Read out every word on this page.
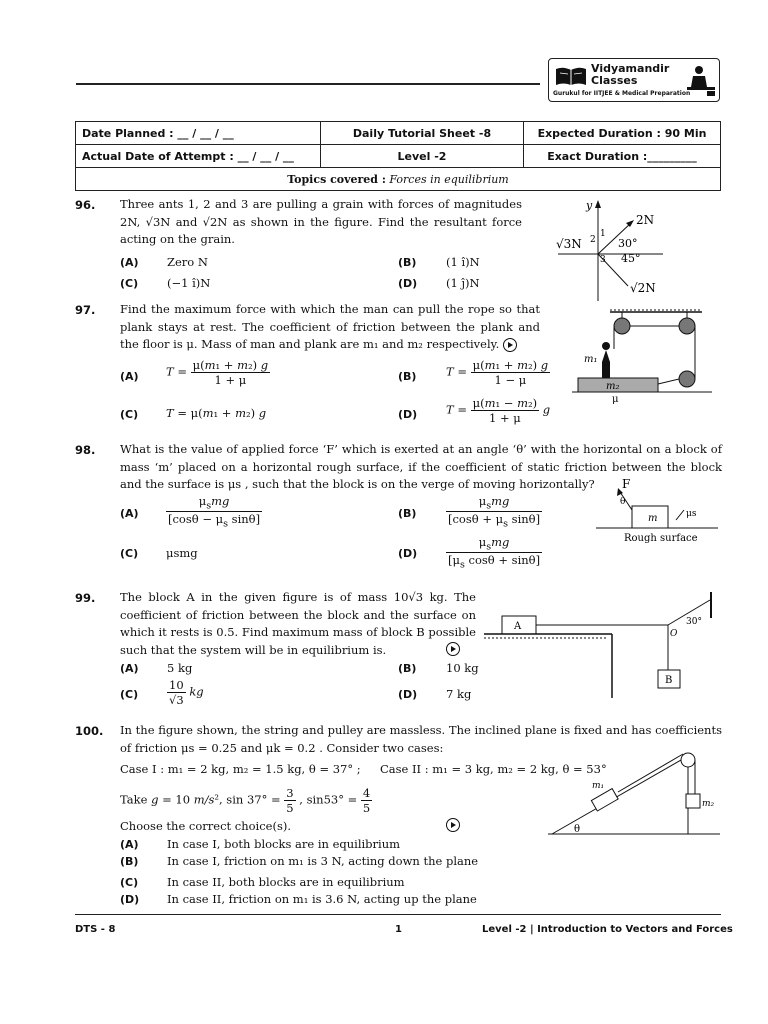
Vidyamandir
Classes
Gurukul for IITJEE & Medical Preparation
Date Planned : __ / __ / __	Daily Tutorial Sheet -8	Expected Duration : 90 Min
Actual Date of Attempt : __ / __ / __	Level -2	Exact Duration :_________
Topics covered : Forces in equilibrium		
96. Three ants 1, 2 and 3 are pulling a grain with forces of magnitudes 2N, √3N and √2N as shown in the figure. Find the resultant force acting on the grain.
(A) Zero N	(B)	(1 î)N
(C)	(−1 î)N	(D)	(1 ĵ)N
y
2N
√2N
√3N	30°
45°
2
1
3
97. Find the maximum force with which the man can pull the rope so that plank stays at rest. The coefficient of friction between the plank and the floor is μ. Mass of man and plank are m₁ and m₂ respectively.
(A) $T = \frac{\text{μ(m₁ + m₂) g}}{1 + \mu}$	(B)	$T = \frac{\text{μ(m₁ + m₂) g}}{1 - \mu}$
(C) T = μ(m₁ + m₂) g	(D)	$T = \frac{\text{μ(m₁ − m₂)}}{1 + \mu}$ g
m₁
m₂
μ
98. What is the value of applied force ‘F’ which is exerted at an angle ‘θ’ with the horizontal on a block of mass ‘m’ placed on a horizontal rough surface, if the coefficient of static friction between the block and the surface is μs , such that the block is on the verge of moving horizontally?
$(A) \frac{\mu_smg}{[\cos\theta - \mu_s \sin\theta]}$	(B)	$\frac{\mu_smg}{[\cos\theta + \mu_s \sin\theta]}$
(C) μsmg	(D)	$\frac{\mu_smg}{[\mu_s \cos\theta + \sin\theta]}$
F
θ
m	μs
Rough surface
99. The block A in the given figure is of mass 10√3 kg. The coefficient of friction between the block and the surface on which it rests is 0.5. Find maximum mass of block B possible such that the system will be in equilibrium is.
(A) 5 kg	(B)	10 kg
(C)	$\frac{10}{√3}$ kg	(D)	7 kg
A
B
O
30°
100. In the figure shown, the string and pulley are massless. The inclined plane is fixed and has coefficients of friction μs = 0.25 and μk = 0.2 . Consider two cases:
Case I : m₁ = 2 kg, m₂ = 1.5 kg, θ = 37° ; Case II : m₁ = 3 kg, m₂ = 2 kg, θ = 53°
Take g = 10 m/s², $\sin 37^\circ = \frac{3}{5}$ , $\sin 53^\circ = \frac{4}{5}$
Choose the correct choice(s).
(A) In case I, both blocks are in equilibrium
(B) In case I, friction on m₁ is 3 N, acting down the plane
(C)	In case II, both blocks are in equilibrium
(D) In case II, friction on m₁ is 3.6 N, acting up the plane
m₁
m₂
θ
DTS - 8	1	Level -2 | Introduction to Vectors and Forces
